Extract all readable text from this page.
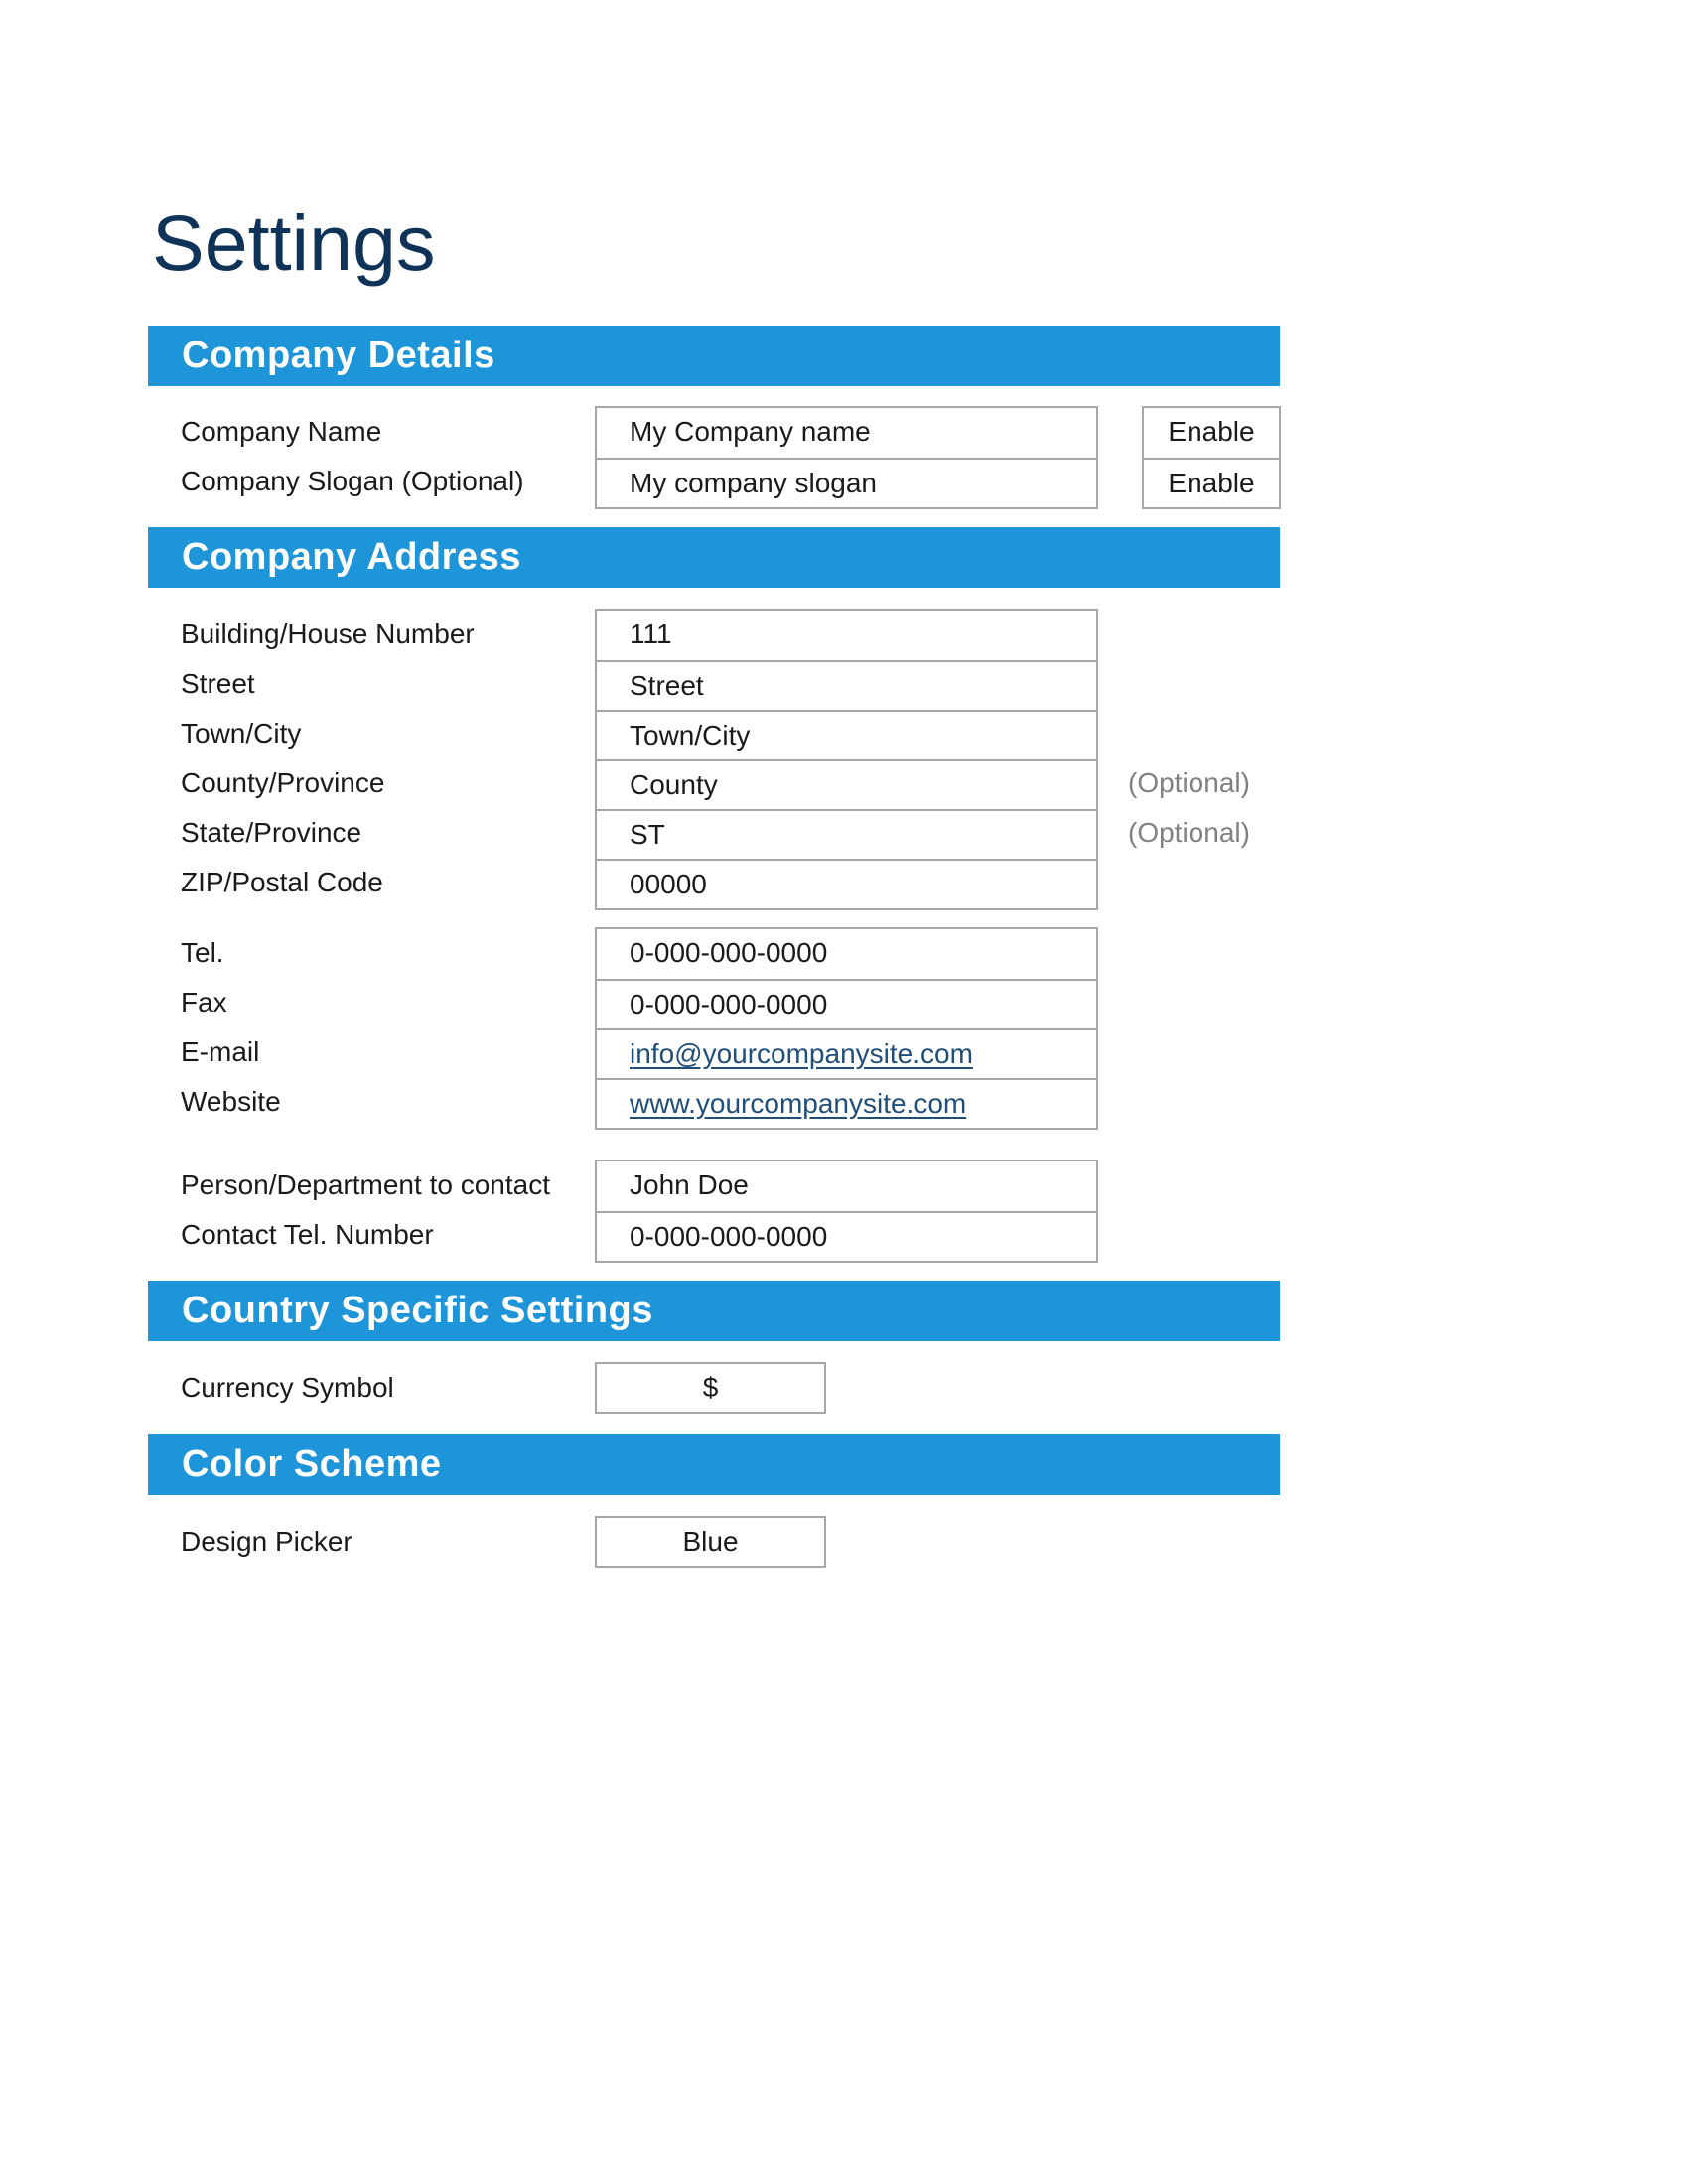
Settings
Company Details
Company Name
Company Slogan (Optional)
My Company name
My company slogan
Enable
Enable
Company Address
Building/House Number
Street
Town/City
County/Province
State/Province
ZIP/Postal Code
111
Street
Town/City
County
ST
00000
(Optional)
(Optional)
Tel.
Fax
E-mail
Website
0-000-000-0000
0-000-000-0000
info@yourcompanysite.com
www.yourcompanysite.com
Person/Department to contact
Contact Tel. Number
John Doe
0-000-000-0000
Country Specific Settings
Currency Symbol	$
Color Scheme
Design Picker	Blue
